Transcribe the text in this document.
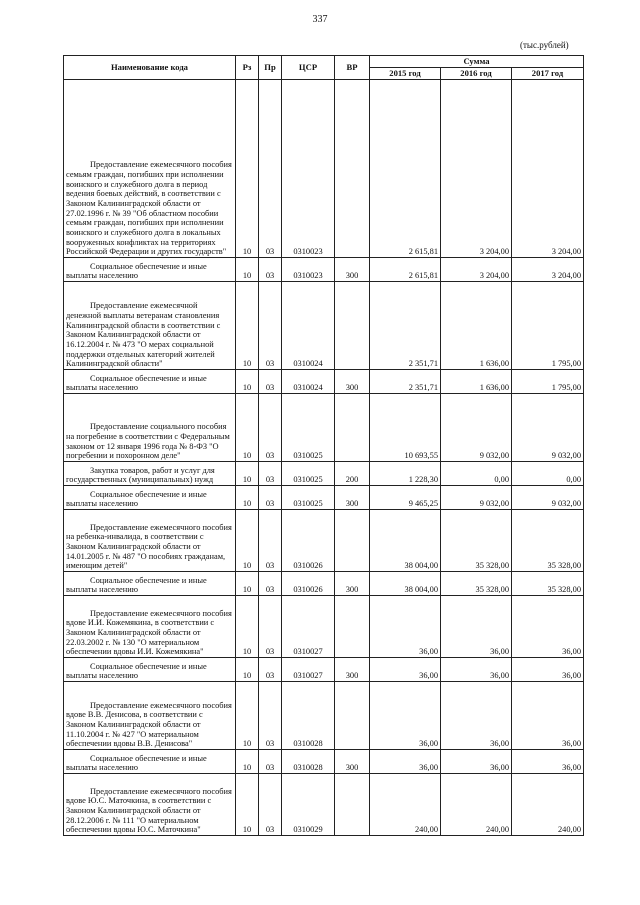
337
(тыс.рублей)
Наименование кода	Рз	Пр	ЦСР	ВР	Сумма		
					2015 год	2016 год	2017 год
Предоставление ежемесячного пособия семьям граждан, погибших при исполнении воинского и служебного долга в период ведения боевых действий, в соответствии с Законом Калининградской области от 27.02.1996 г. № 39 "Об областном пособии семьям граждан, погибших при исполнении воинского и служебного долга в локальных вооруженных конфликтах на территориях Российской Федерации и других государств"	10	03	0310023		2 615,81	3 204,00	3 204,00
Социальное обеспечение и иные выплаты населению	10	03	0310023	300	2 615,81	3 204,00	3 204,00
Предоставление ежемесячной денежной выплаты ветеранам становления Калининградской области в соответствии с Законом Калининградской области от 16.12.2004 г. № 473 "О мерах социальной поддержки отдельных категорий жителей Калининградской области"	10	03	0310024		2 351,71	1 636,00	1 795,00
Социальное обеспечение и иные выплаты населению	10	03	0310024	300	2 351,71	1 636,00	1 795,00
Предоставление социального пособия на погребение в соответствии с Федеральным законом от 12 января 1996 года № 8-ФЗ "О погребении и похоронном деле"	10	03	0310025		10 693,55	9 032,00	9 032,00
Закупка товаров, работ и услуг для государственных (муниципальных) нужд	10	03	0310025	200	1 228,30	0,00	0,00
Социальное обеспечение и иные выплаты населению	10	03	0310025	300	9 465,25	9 032,00	9 032,00
Предоставление ежемесячного пособия на ребенка-инвалида, в соответствии с Законом Калининградской области от 14.01.2005 г. № 487 "О пособиях гражданам, имеющим детей"	10	03	0310026		38 004,00	35 328,00	35 328,00
Социальное обеспечение и иные выплаты населению	10	03	0310026	300	38 004,00	35 328,00	35 328,00
Предоставление ежемесячного пособия вдове И.И. Кожемякина, в соответствии с Законом Калининградской области от 22.03.2002 г. № 130 "О материальном обеспечении вдовы И.И. Кожемякина"	10	03	0310027		36,00	36,00	36,00
Социальное обеспечение и иные выплаты населению	10	03	0310027	300	36,00	36,00	36,00
Предоставление ежемесячного пособия вдове В.В. Денисова, в соответствии с Законом Калининградской области от 11.10.2004 г. № 427 "О материальном обеспечении вдовы В.В. Денисова"	10	03	0310028		36,00	36,00	36,00
Социальное обеспечение и иные выплаты населению	10	03	0310028	300	36,00	36,00	36,00
Предоставление ежемесячного пособия вдове Ю.С. Маточкина, в соответствии с Законом Калининградской области от 28.12.2006 г. № 111 "О материальном обеспечении вдовы Ю.С. Маточкина"	10	03	0310029		240,00	240,00	240,00
